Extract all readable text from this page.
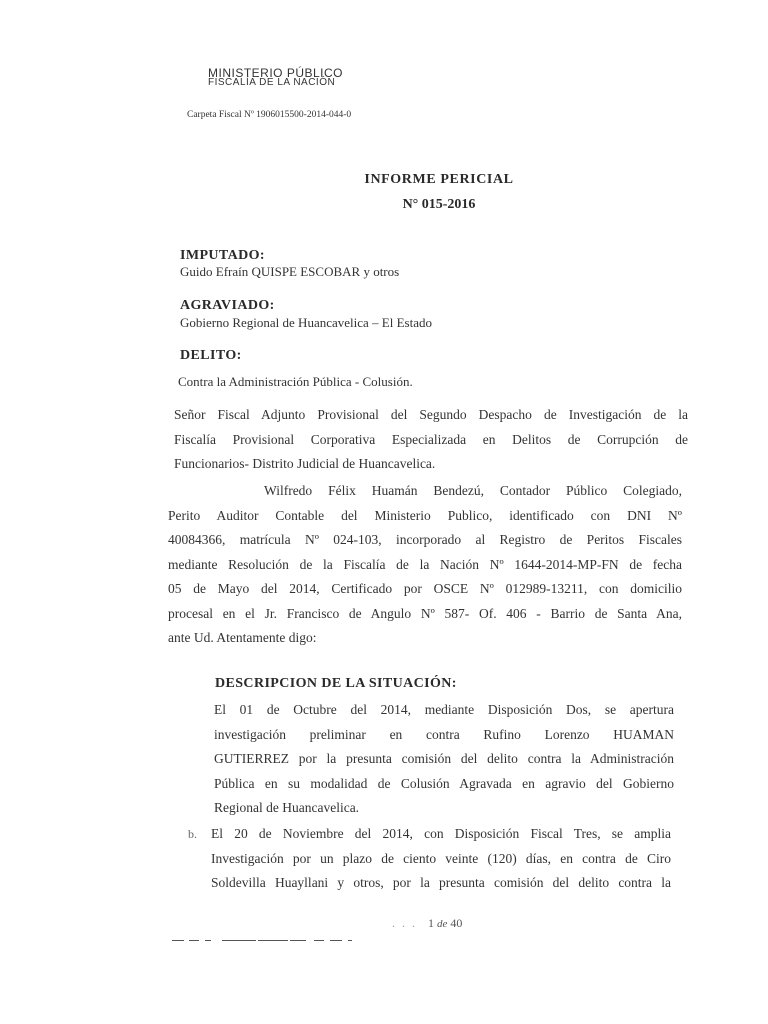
MINISTERIO PÚBLICO
FISCALÍA DE LA NACIÓN
Carpeta Fiscal Nº 1906015500-2014-044-0
INFORME PERICIAL
N° 015-2016
IMPUTADO:
Guido Efraín QUISPE ESCOBAR y otros
AGRAVIADO:
Gobierno Regional de Huancavelica – El Estado
DELITO:
Contra la Administración Pública - Colusión.
Señor Fiscal Adjunto Provisional del Segundo Despacho de Investigación de la
Fiscalía Provisional Corporativa Especializada en Delitos de Corrupción de
Funcionarios- Distrito Judicial de Huancavelica.
Wilfredo Félix Huamán Bendezú, Contador Público Colegiado,
Perito Auditor Contable del Ministerio Publico, identificado con DNI Nº
40084366, matrícula Nº 024-103, incorporado al Registro de Peritos Fiscales
mediante Resolución de la Fiscalía de la Nación Nº 1644-2014-MP-FN de fecha
05 de Mayo del 2014, Certificado por OSCE Nº 012989-13211, con domicilio
procesal en el Jr. Francisco de Angulo Nº 587- Of. 406 - Barrio de Santa Ana,
ante Ud. Atentamente digo:
DESCRIPCION DE LA SITUACIÓN:
El 01 de Octubre del 2014, mediante Disposición Dos, se apertura
investigación preliminar en contra Rufino Lorenzo HUAMAN
GUTIERREZ por la presunta comisión del delito contra la Administración
Pública en su modalidad de Colusión Agravada en agravio del Gobierno
Regional de Huancavelica.
b. El 20 de Noviembre del 2014, con Disposición Fiscal Tres, se amplia
Investigación por un plazo de ciento veinte (120) días, en contra de Ciro
Soldevilla Huayllani y otros, por la presunta comisión del delito contra la
. . . 1 de 40
